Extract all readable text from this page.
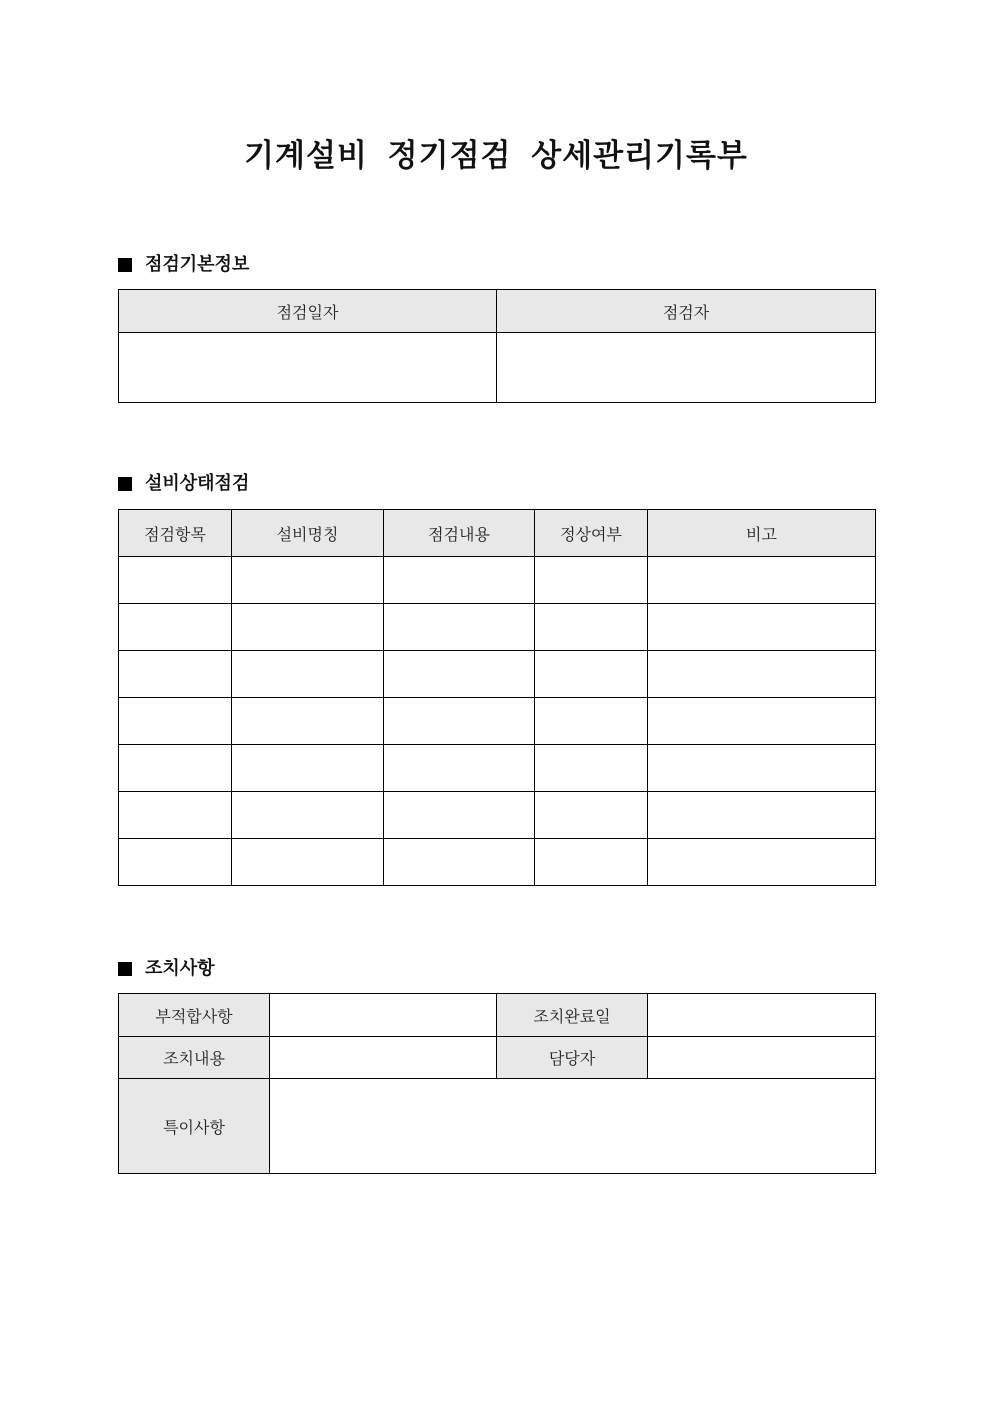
기계설비 정기점검 상세관리기록부
점검기본정보
점검일자	점검자

설비상태점검
점검항목	설비명칭	점검내용	정상여부	비고

조치사항
부적합사항		조치완료일	
조치내용		담당자	
특이사항			
